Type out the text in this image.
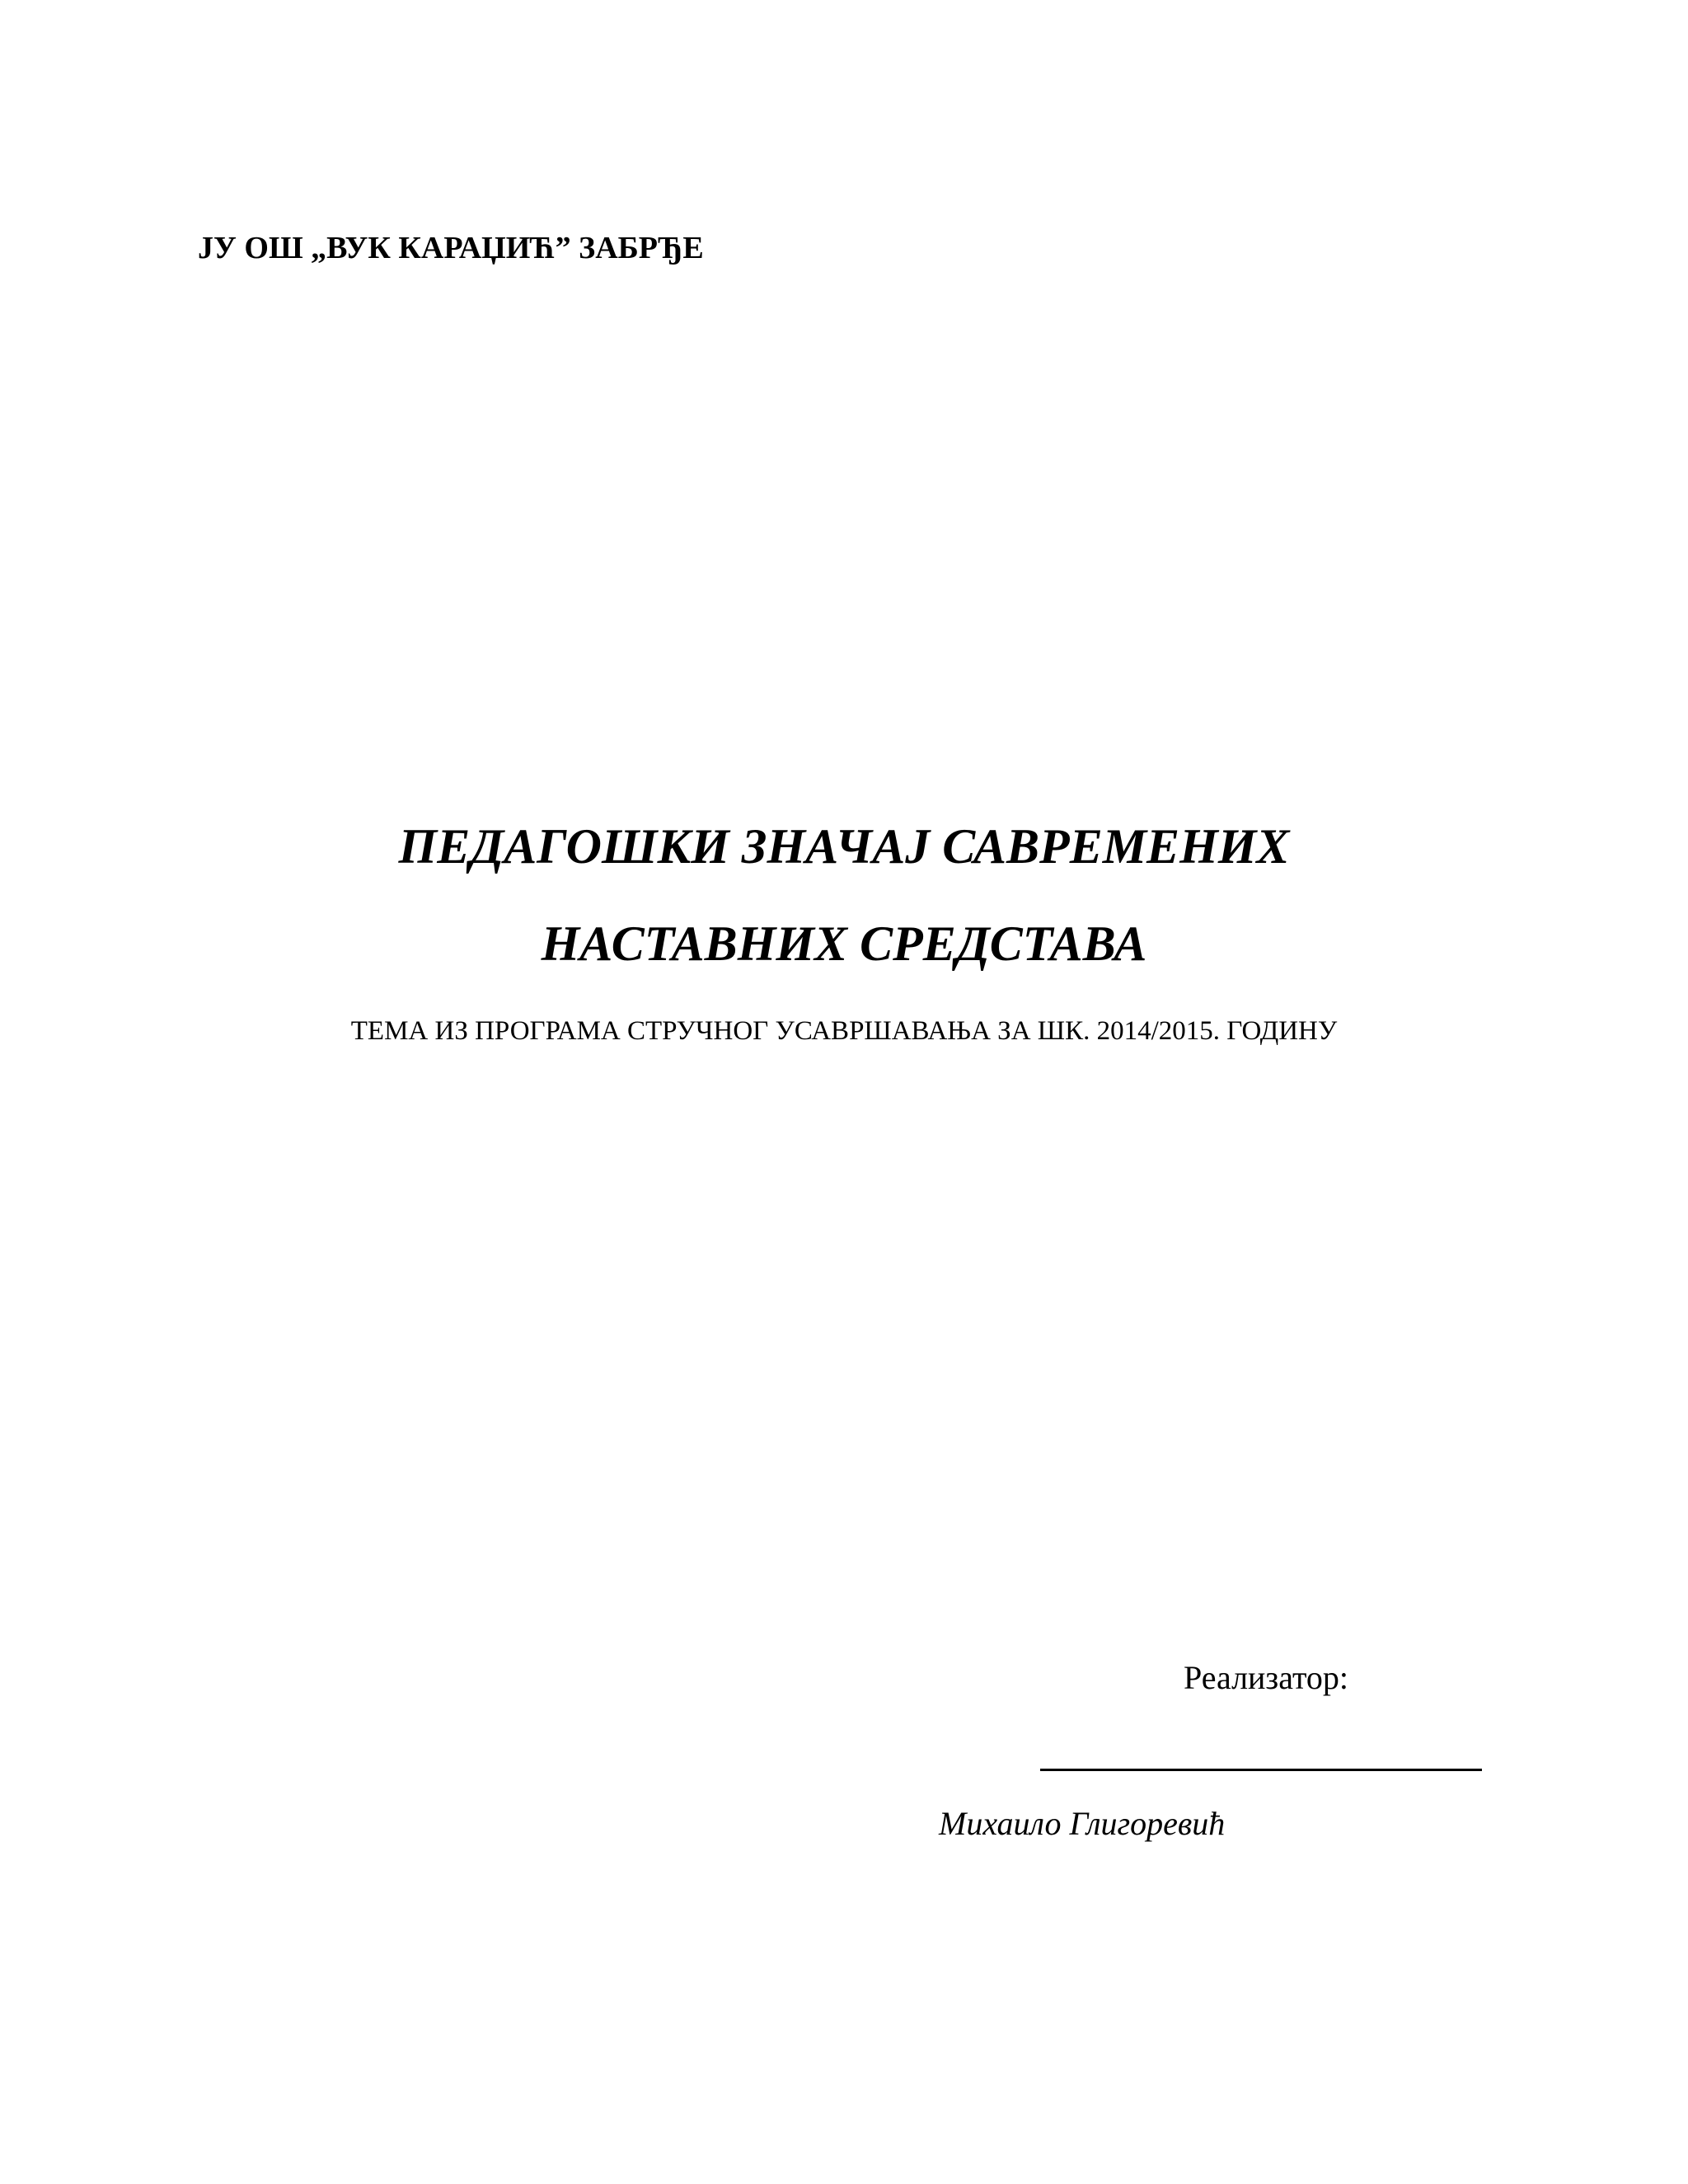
ЈУ ОШ „ВУК КАРАЏИЋ” ЗАБРЂЕ
ПЕДАГОШКИ ЗНАЧАЈ САВРЕМЕНИХ
НАСТАВНИХ СРЕДСТАВА
ТЕМА ИЗ ПРОГРАМА СТРУЧНОГ УСАВРШАВАЊА ЗА ШК. 2014/2015. ГОДИНУ
Реализатор:
Михаило Глигоревић
